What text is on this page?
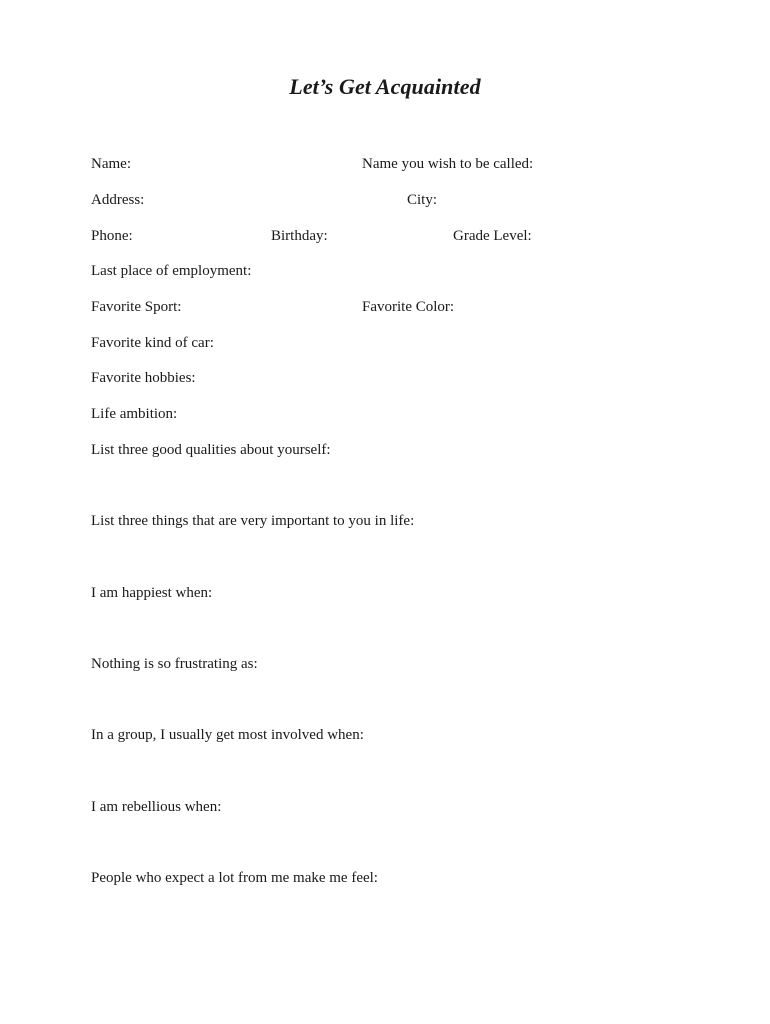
Let’s Get Acquainted
Name:	Name you wish to be called:
Address:	City:
Phone:	Birthday:	Grade Level:
Last place of employment:
Favorite Sport:	Favorite Color:
Favorite kind of car:
Favorite hobbies:
Life ambition:
List three good qualities about yourself:
List three things that are very important to you in life:
I am happiest when:
Nothing is so frustrating as:
In a group, I usually get most involved when:
I am rebellious when:
People who expect a lot from me make me feel:
